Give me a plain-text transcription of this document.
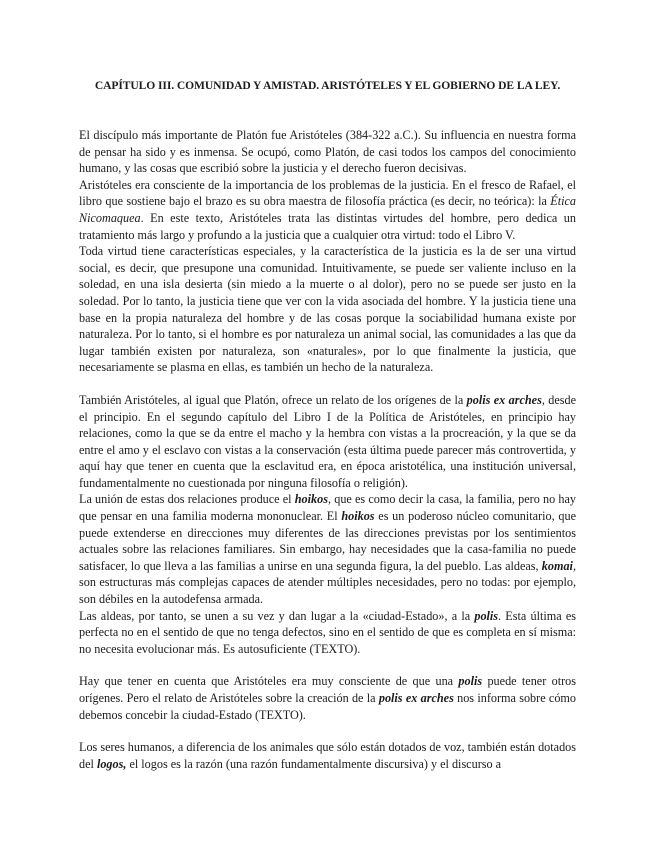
CAPÍTULO III. COMUNIDAD Y AMISTAD. ARISTÓTELES Y EL GOBIERNO DE LA LEY.

El discípulo más importante de Platón fue Aristóteles (384-322 a.C.). Su influencia en nuestra forma de pensar ha sido y es inmensa. Se ocupó, como Platón, de casi todos los campos del conocimiento humano, y las cosas que escribió sobre la justicia y el derecho fueron decisivas.

Aristóteles era consciente de la importancia de los problemas de la justicia. En el fresco de Rafael, el libro que sostiene bajo el brazo es su obra maestra de filosofía práctica (es decir, no teórica): la Ética Nicomaquea. En este texto, Aristóteles trata las distintas virtudes del hombre, pero dedica un tratamiento más largo y profundo a la justicia que a cualquier otra virtud: todo el Libro V.

Toda virtud tiene características especiales, y la característica de la justicia es la de ser una virtud social, es decir, que presupone una comunidad. Intuitivamente, se puede ser valiente incluso en la soledad, en una isla desierta (sin miedo a la muerte o al dolor), pero no se puede ser justo en la soledad. Por lo tanto, la justicia tiene que ver con la vida asociada del hombre. Y la justicia tiene una base en la propia naturaleza del hombre y de las cosas porque la sociabilidad humana existe por naturaleza. Por lo tanto, si el hombre es por naturaleza un animal social, las comunidades a las que da lugar también existen por naturaleza, son «naturales», por lo que finalmente la justicia, que necesariamente se plasma en ellas, es también un hecho de la naturaleza.

También Aristóteles, al igual que Platón, ofrece un relato de los orígenes de la polis ex arches, desde el principio. En el segundo capítulo del Libro I de la Política de Aristóteles, en principio hay relaciones, como la que se da entre el macho y la hembra con vistas a la procreación, y la que se da entre el amo y el esclavo con vistas a la conservación (esta última puede parecer más controvertida, y aquí hay que tener en cuenta que la esclavitud era, en época aristotélica, una institución universal, fundamentalmente no cuestionada por ninguna filosofía o religión).

La unión de estas dos relaciones produce el hoikos, que es como decir la casa, la familia, pero no hay que pensar en una familia moderna mononuclear. El hoikos es un poderoso núcleo comunitario, que puede extenderse en direcciones muy diferentes de las direcciones previstas por los sentimientos actuales sobre las relaciones familiares. Sin embargo, hay necesidades que la casa-familia no puede satisfacer, lo que lleva a las familias a unirse en una segunda figura, la del pueblo. Las aldeas, komai, son estructuras más complejas capaces de atender múltiples necesidades, pero no todas: por ejemplo, son débiles en la autodefensa armada.

Las aldeas, por tanto, se unen a su vez y dan lugar a la «ciudad-Estado», a la polis. Esta última es perfecta no en el sentido de que no tenga defectos, sino en el sentido de que es completa en sí misma: no necesita evolucionar más. Es autosuficiente (TEXTO).

Hay que tener en cuenta que Aristóteles era muy consciente de que una polis puede tener otros orígenes. Pero el relato de Aristóteles sobre la creación de la polis ex arches nos informa sobre cómo debemos concebir la ciudad-Estado (TEXTO).

Los seres humanos, a diferencia de los animales que sólo están dotados de voz, también están dotados del logos, el logos es la razón (una razón fundamentalmente discursiva) y el discurso a
